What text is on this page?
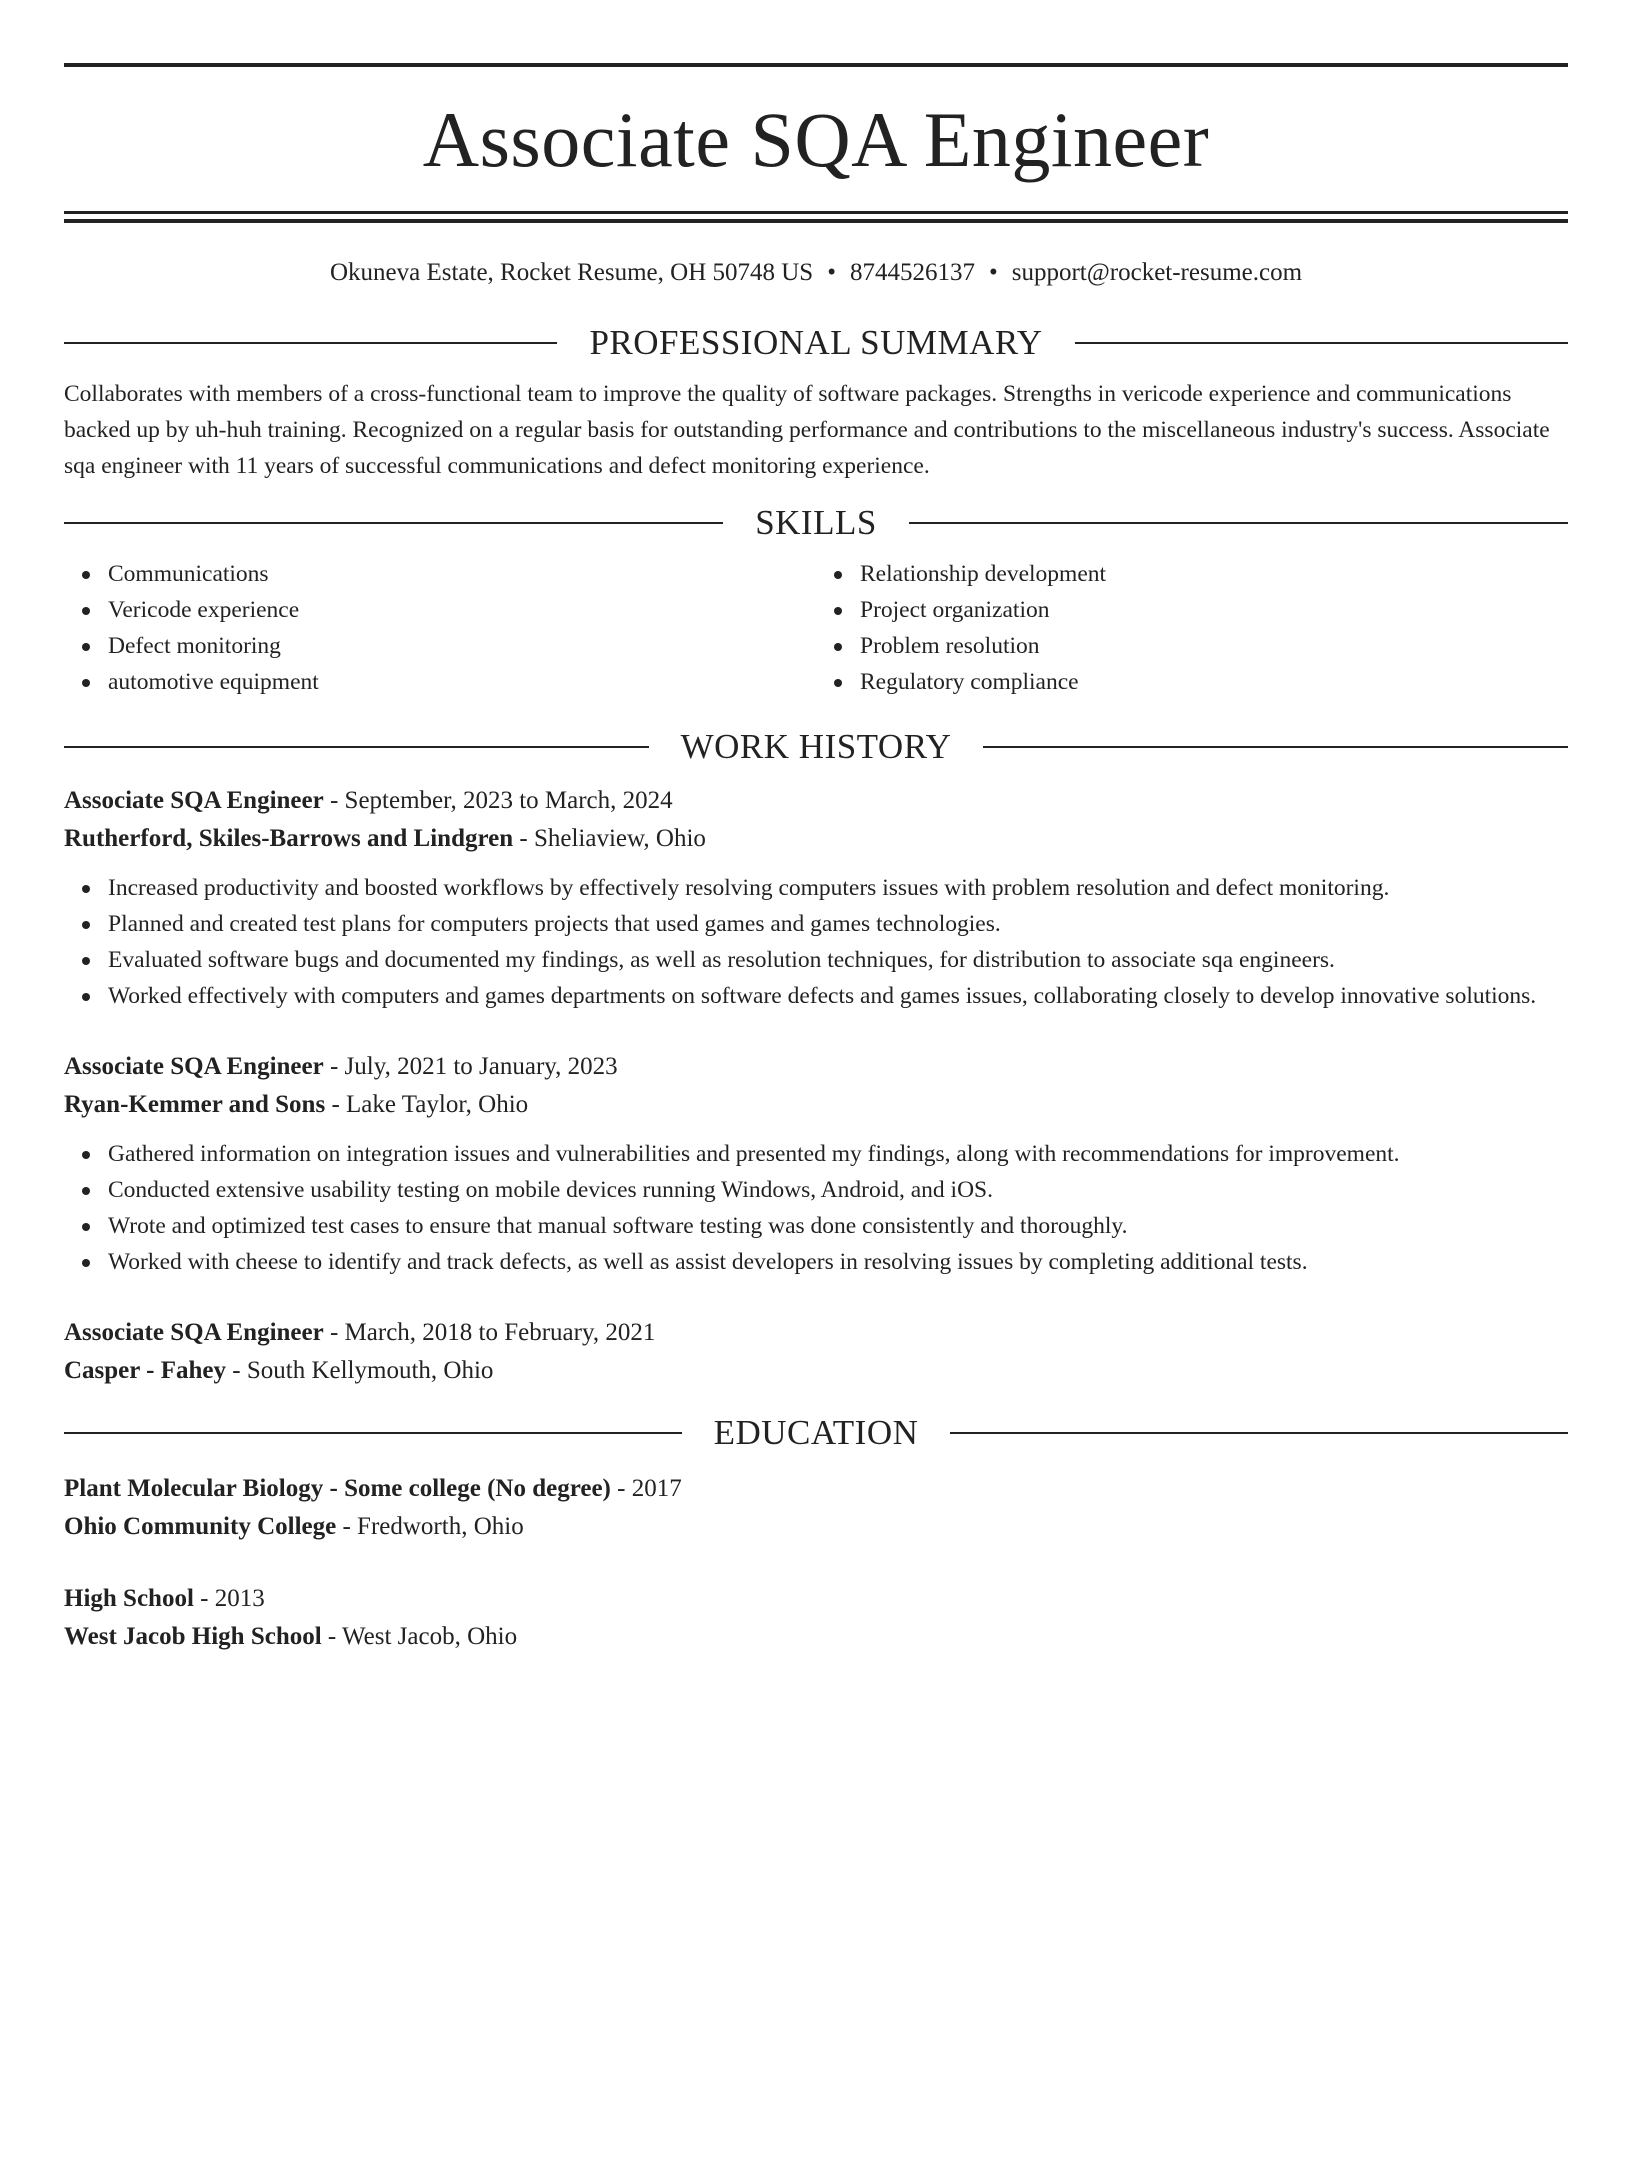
Associate SQA Engineer
Okuneva Estate, Rocket Resume, OH 50748 US • 8744526137 • support@rocket-resume.com
PROFESSIONAL SUMMARY
Collaborates with members of a cross-functional team to improve the quality of software packages. Strengths in vericode experience and communications backed up by uh-huh training. Recognized on a regular basis for outstanding performance and contributions to the miscellaneous industry's success. Associate sqa engineer with 11 years of successful communications and defect monitoring experience.
SKILLS
Communications
Vericode experience
Defect monitoring
automotive equipment
Relationship development
Project organization
Problem resolution
Regulatory compliance
WORK HISTORY
Associate SQA Engineer - September, 2023 to March, 2024
Rutherford, Skiles-Barrows and Lindgren - Sheliaview, Ohio
Increased productivity and boosted workflows by effectively resolving computers issues with problem resolution and defect monitoring.
Planned and created test plans for computers projects that used games and games technologies.
Evaluated software bugs and documented my findings, as well as resolution techniques, for distribution to associate sqa engineers.
Worked effectively with computers and games departments on software defects and games issues, collaborating closely to develop innovative solutions.
Associate SQA Engineer - July, 2021 to January, 2023
Ryan-Kemmer and Sons - Lake Taylor, Ohio
Gathered information on integration issues and vulnerabilities and presented my findings, along with recommendations for improvement.
Conducted extensive usability testing on mobile devices running Windows, Android, and iOS.
Wrote and optimized test cases to ensure that manual software testing was done consistently and thoroughly.
Worked with cheese to identify and track defects, as well as assist developers in resolving issues by completing additional tests.
Associate SQA Engineer - March, 2018 to February, 2021
Casper - Fahey - South Kellymouth, Ohio
EDUCATION
Plant Molecular Biology - Some college (No degree) - 2017
Ohio Community College - Fredworth, Ohio
High School - 2013
West Jacob High School - West Jacob, Ohio
